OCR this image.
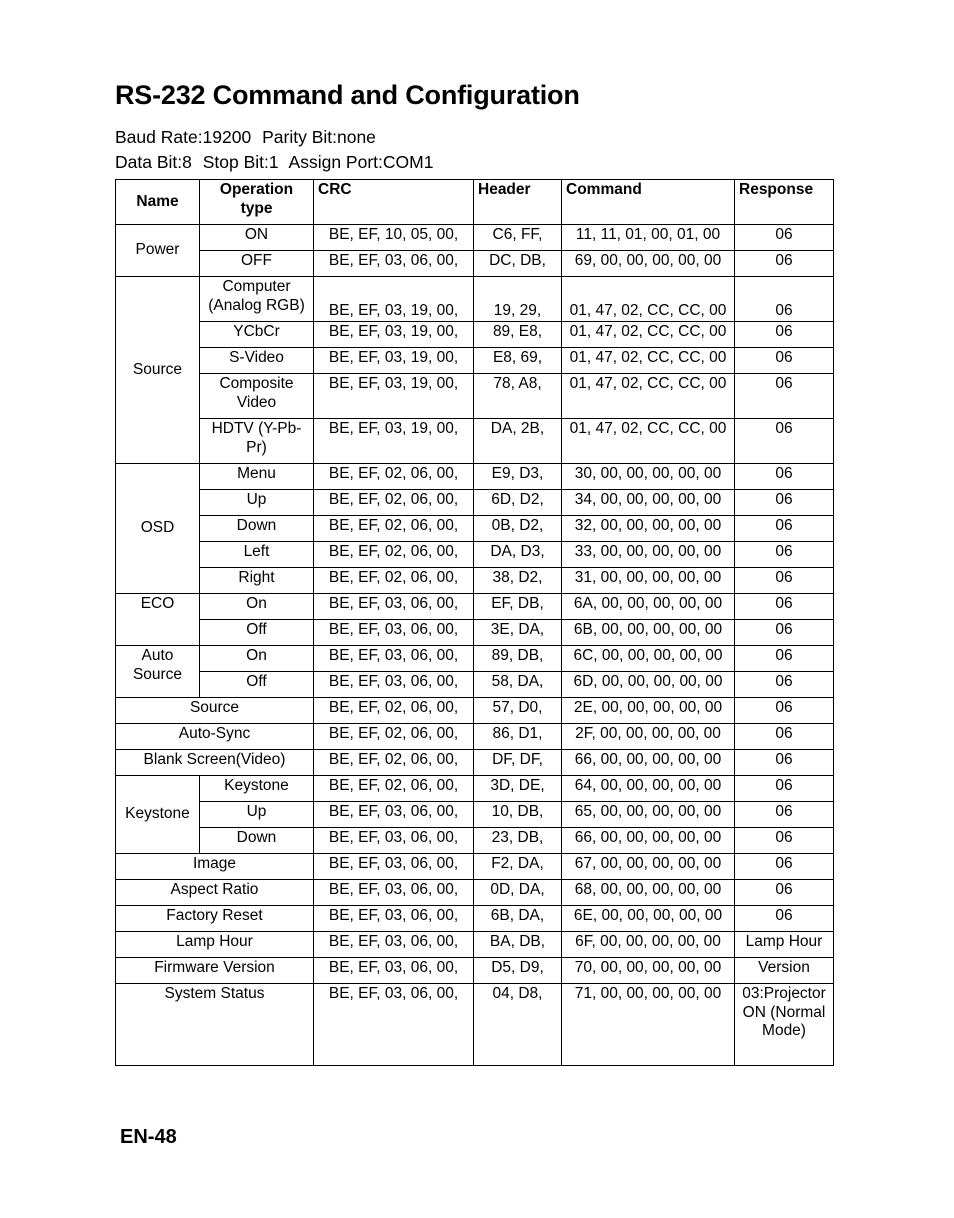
RS-232 Command and Configuration
Baud Rate:19200 Parity Bit:none
Data Bit:8 Stop Bit:1 Assign Port:COM1
Name	Operation type	CRC	Header	Command	Response
Power	ON	BE, EF, 10, 05, 00,	C6, FF,	11, 11, 01, 00, 01, 00	06
	OFF	BE, EF, 03, 06, 00,	DC, DB,	69, 00, 00, 00, 00, 00	06
Source	Computer (Analog RGB)	BE, EF, 03, 19, 00,	19, 29,	01, 47, 02, CC, CC, 00	06
	YCbCr	BE, EF, 03, 19, 00,	89, E8,	01, 47, 02, CC, CC, 00	06
	S-Video	BE, EF, 03, 19, 00,	E8, 69,	01, 47, 02, CC, CC, 00	06
	Composite Video	BE, EF, 03, 19, 00,	78, A8,	01, 47, 02, CC, CC, 00	06
	HDTV (Y-Pb-Pr)	BE, EF, 03, 19, 00,	DA, 2B,	01, 47, 02, CC, CC, 00	06
OSD	Menu	BE, EF, 02, 06, 00,	E9, D3,	30, 00, 00, 00, 00, 00	06
	Up	BE, EF, 02, 06, 00,	6D, D2,	34, 00, 00, 00, 00, 00	06
	Down	BE, EF, 02, 06, 00,	0B, D2,	32, 00, 00, 00, 00, 00	06
	Left	BE, EF, 02, 06, 00,	DA, D3,	33, 00, 00, 00, 00, 00	06
	Right	BE, EF, 02, 06, 00,	38, D2,	31, 00, 00, 00, 00, 00	06
ECO	On	BE, EF, 03, 06, 00,	EF, DB,	6A, 00, 00, 00, 00, 00	06
	Off	BE, EF, 03, 06, 00,	3E, DA,	6B, 00, 00, 00, 00, 00	06
Auto Source	On	BE, EF, 03, 06, 00,	89, DB,	6C, 00, 00, 00, 00, 00	06
	Off	BE, EF, 03, 06, 00,	58, DA,	6D, 00, 00, 00, 00, 00	06
Source		BE, EF, 02, 06, 00,	57, D0,	2E, 00, 00, 00, 00, 00	06
Auto-Sync		BE, EF, 02, 06, 00,	86, D1,	2F, 00, 00, 00, 00, 00	06
Blank Screen(Video)		BE, EF, 02, 06, 00,	DF, DF,	66, 00, 00, 00, 00, 00	06
Keystone	Keystone	BE, EF, 02, 06, 00,	3D, DE,	64, 00, 00, 00, 00, 00	06
	Up	BE, EF, 03, 06, 00,	10, DB,	65, 00, 00, 00, 00, 00	06
	Down	BE, EF, 03, 06, 00,	23, DB,	66, 00, 00, 00, 00, 00	06
Image		BE, EF, 03, 06, 00,	F2, DA,	67, 00, 00, 00, 00, 00	06
Aspect Ratio		BE, EF, 03, 06, 00,	0D, DA,	68, 00, 00, 00, 00, 00	06
Factory Reset		BE, EF, 03, 06, 00,	6B, DA,	6E, 00, 00, 00, 00, 00	06
Lamp Hour		BE, EF, 03, 06, 00,	BA, DB,	6F, 00, 00, 00, 00, 00	Lamp Hour
Firmware Version		BE, EF, 03, 06, 00,	D5, D9,	70, 00, 00, 00, 00, 00	Version
System Status		BE, EF, 03, 06, 00,	04, D8,	71, 00, 00, 00, 00, 00	03:Projector ON (Normal Mode)
EN-48
